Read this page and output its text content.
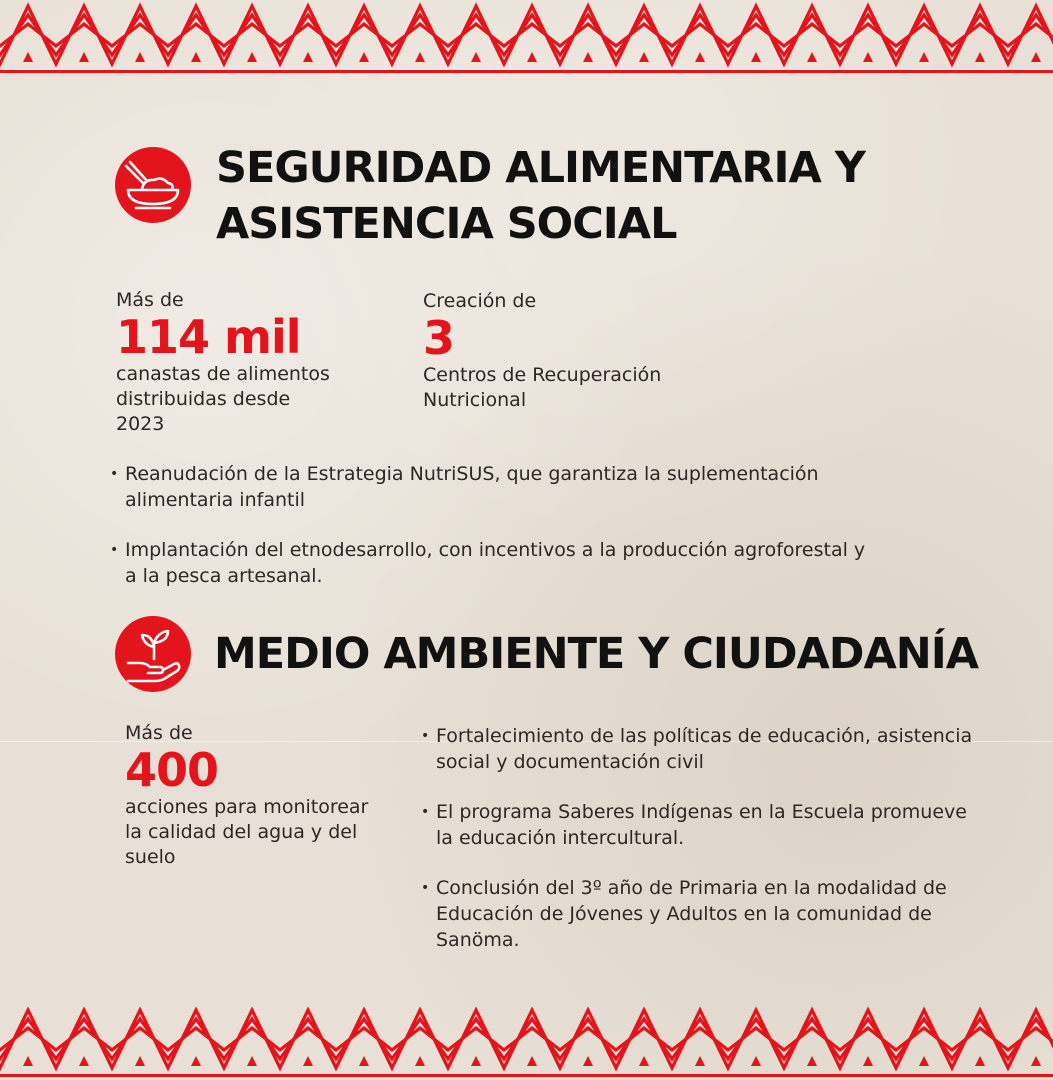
SEGURIDAD ALIMENTARIA Y
ASISTENCIA SOCIAL
Más de
114 mil
canastas de alimentos
distribuidas desde
2023
Creación de
3
Centros de Recuperación
Nutricional
• Reanudación de la Estrategia NutriSUS, que garantiza la suplementación
alimentaria infantil
• Implantación del etnodesarrollo, con incentivos a la producción agroforestal y
a la pesca artesanal.
MEDIO AMBIENTE Y CIUDADANÍA
Más de
400
acciones para monitorear
la calidad del agua y del
suelo
• Fortalecimiento de las políticas de educación, asistencia
social y documentación civil
• El programa Saberes Indígenas en la Escuela promueve
la educación intercultural.
• Conclusión del 3º año de Primaria en la modalidad de
Educación de Jóvenes y Adultos en la comunidad de
Sanöma.
